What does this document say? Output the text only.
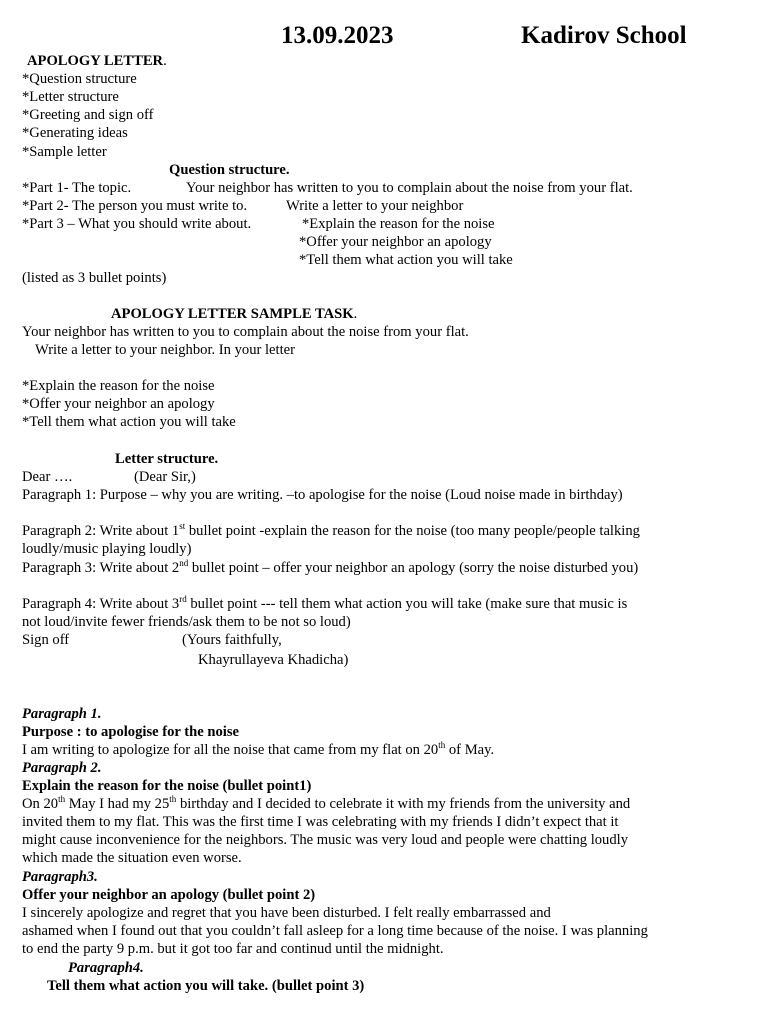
13.09.2023	Kadirov School
APOLOGY LETTER.
*Question structure
*Letter structure
*Greeting and sign off
*Generating ideas
*Sample letter
Question structure.
*Part 1- The topic.	Your neighbor has written to you to complain about the noise from your flat.
*Part 2- The person you must write to.	Write a letter to your neighbor
*Part 3 – What you should write about.	*Explain the reason for the noise
*Offer your neighbor an apology
*Tell them what action you will take
(listed as 3 bullet points)
APOLOGY LETTER SAMPLE TASK.
Your neighbor has written to you to complain about the noise from your flat.
Write a letter to your neighbor. In your letter
*Explain the reason for the noise
*Offer your neighbor an apology
*Tell them what action you will take
Letter structure.
Dear ….	(Dear Sir,)
Paragraph 1: Purpose – why you are writing. –to apologise for the noise (Loud noise made in birthday)
Paragraph 2: Write about 1st bullet point -explain the reason for the noise (too many people/people talking
loudly/music playing loudly)
Paragraph 3: Write about 2nd bullet point – offer your neighbor an apology (sorry the noise disturbed you)
Paragraph 4: Write about 3rd bullet point --- tell them what action you will take (make sure that music is
not loud/invite fewer friends/ask them to be not so loud)
Sign off	(Yours faithfully,
Khayrullayeva Khadicha)
Paragraph 1.
Purpose : to apologise for the noise
I am writing to apologize for all the noise that came from my flat on 20th of May.
Paragraph 2.
Explain the reason for the noise (bullet point1)
On 20th May I had my 25th birthday and I decided to celebrate it with my friends from the university and
invited them to my flat. This was the first time I was celebrating with my friends I didn’t expect that it
might cause inconvenience for the neighbors. The music was very loud and people were chatting loudly
which made the situation even worse.
Paragraph3.
Offer your neighbor an apology (bullet point 2)
I sincerely apologize and regret that you have been disturbed. I felt really embarrassed and
ashamed when I found out that you couldn’t fall asleep for a long time because of the noise. I was planning
to end the party 9 p.m. but it got too far and continud until the midnight.
Paragraph4.
Tell them what action you will take. (bullet point 3)
